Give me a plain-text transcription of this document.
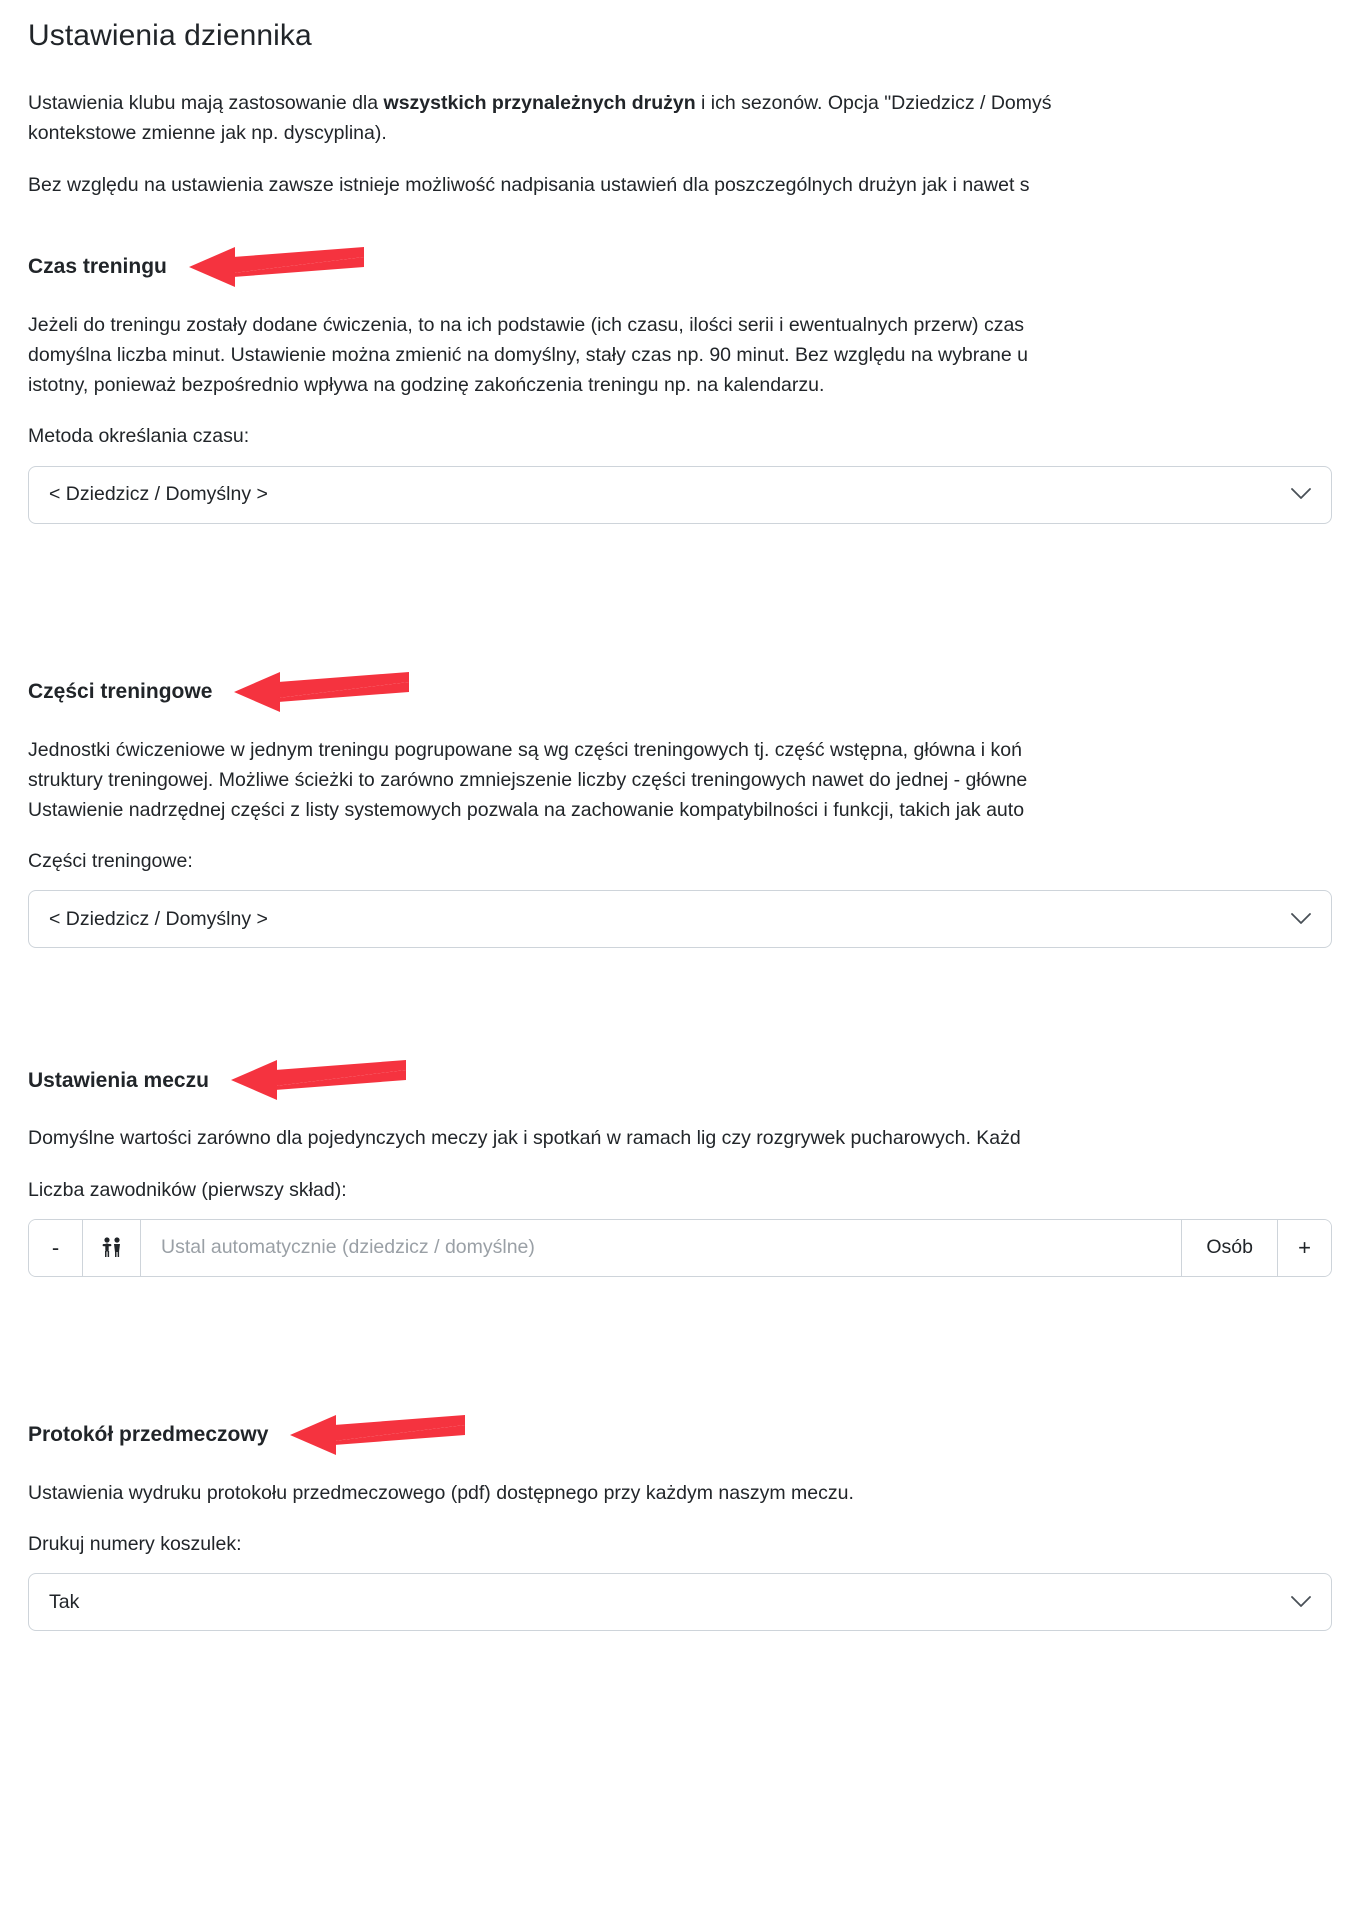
Ustawienia dziennika

Ustawienia klubu mają zastosowanie dla wszystkich przynależnych drużyn i ich sezonów. Opcja "Dziedzicz / Domyś
kontekstowe zmienne jak np. dyscyplina).

Bez względu na ustawienia zawsze istnieje możliwość nadpisania ustawień dla poszczególnych drużyn jak i nawet s

Czas treningu

Jeżeli do treningu zostały dodane ćwiczenia, to na ich podstawie (ich czasu, ilości serii i ewentualnych przerw) czas
domyślna liczba minut. Ustawienie można zmienić na domyślny, stały czas np. 90 minut. Bez względu na wybrane u
istotny, ponieważ bezpośrednio wpływa na godzinę zakończenia treningu np. na kalendarzu.

Metoda określania czasu:

< Dziedzicz / Domyślny >
Części treningowe

Jednostki ćwiczeniowe w jednym treningu pogrupowane są wg części treningowych tj. część wstępna, główna i koń
struktury treningowej. Możliwe ścieżki to zarówno zmniejszenie liczby części treningowych nawet do jednej - główne
Ustawienie nadrzędnej części z listy systemowych pozwala na zachowanie kompatybilności i funkcji, takich jak auto

Części treningowe:

< Dziedzicz / Domyślny >
Ustawienia meczu

Domyślne wartości zarówno dla pojedynczych meczy jak i spotkań w ramach lig czy rozgrywek pucharowych. Każd

Liczba zawodników (pierwszy skład):

-
Ustal automatycznie (dziedzicz / domyślne)	Osób	+
Protokół przedmeczowy

Ustawienia wydruku protokołu przedmeczowego (pdf) dostępnego przy każdym naszym meczu.

Drukuj numery koszulek:

Tak
